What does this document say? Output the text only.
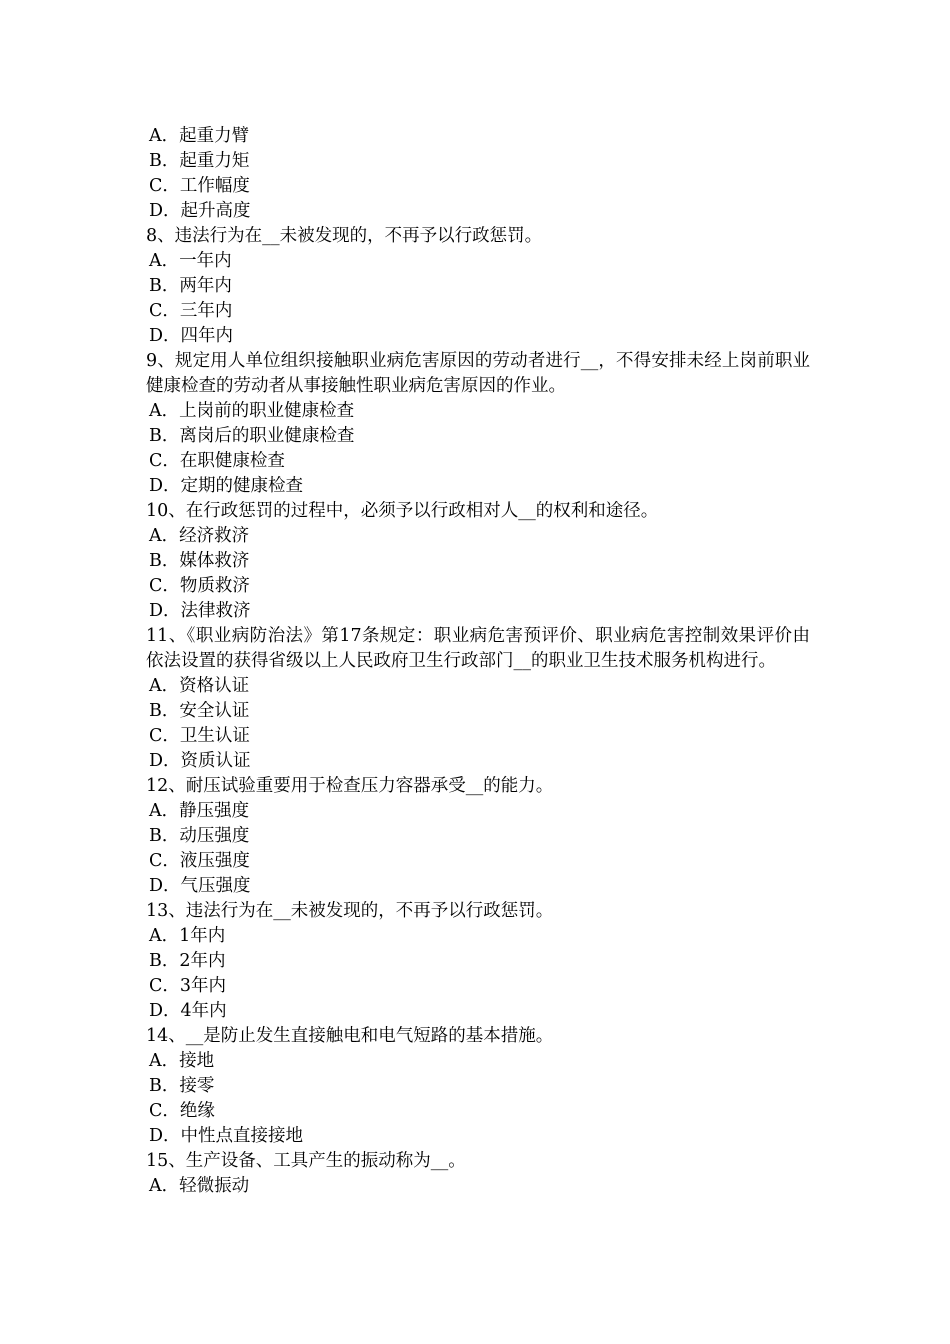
A．起重力臂

B．起重力矩

C．工作幅度

D．起升高度

8、违法行为在__未被发现的，不再予以行政惩罚。

A．一年内

B．两年内

C．三年内

D．四年内

9、规定用人单位组织接触职业病危害原因的劳动者进行__，不得安排未经上岗前职业健康检查的劳动者从事接触性职业病危害原因的作业。

A．上岗前的职业健康检查

B．离岗后的职业健康检查

C．在职健康检查

D．定期的健康检查

10、在行政惩罚的过程中，必须予以行政相对人__的权利和途径。

A．经济救济

B．媒体救济

C．物质救济

D．法律救济

11、《职业病防治法》第17条规定：职业病危害预评价、职业病危害控制效果评价由依法设置的获得省级以上人民政府卫生行政部门__的职业卫生技术服务机构进行。

A．资格认证

B．安全认证

C．卫生认证

D．资质认证

12、耐压试验重要用于检查压力容器承受__的能力。

A．静压强度

B．动压强度

C．液压强度

D．气压强度

13、违法行为在__未被发现的，不再予以行政惩罚。

A．1年内

B．2年内

C．3年内

D．4年内

14、__是防止发生直接触电和电气短路的基本措施。

A．接地

B．接零

C．绝缘

D．中性点直接接地

15、生产设备、工具产生的振动称为__。

A．轻微振动
